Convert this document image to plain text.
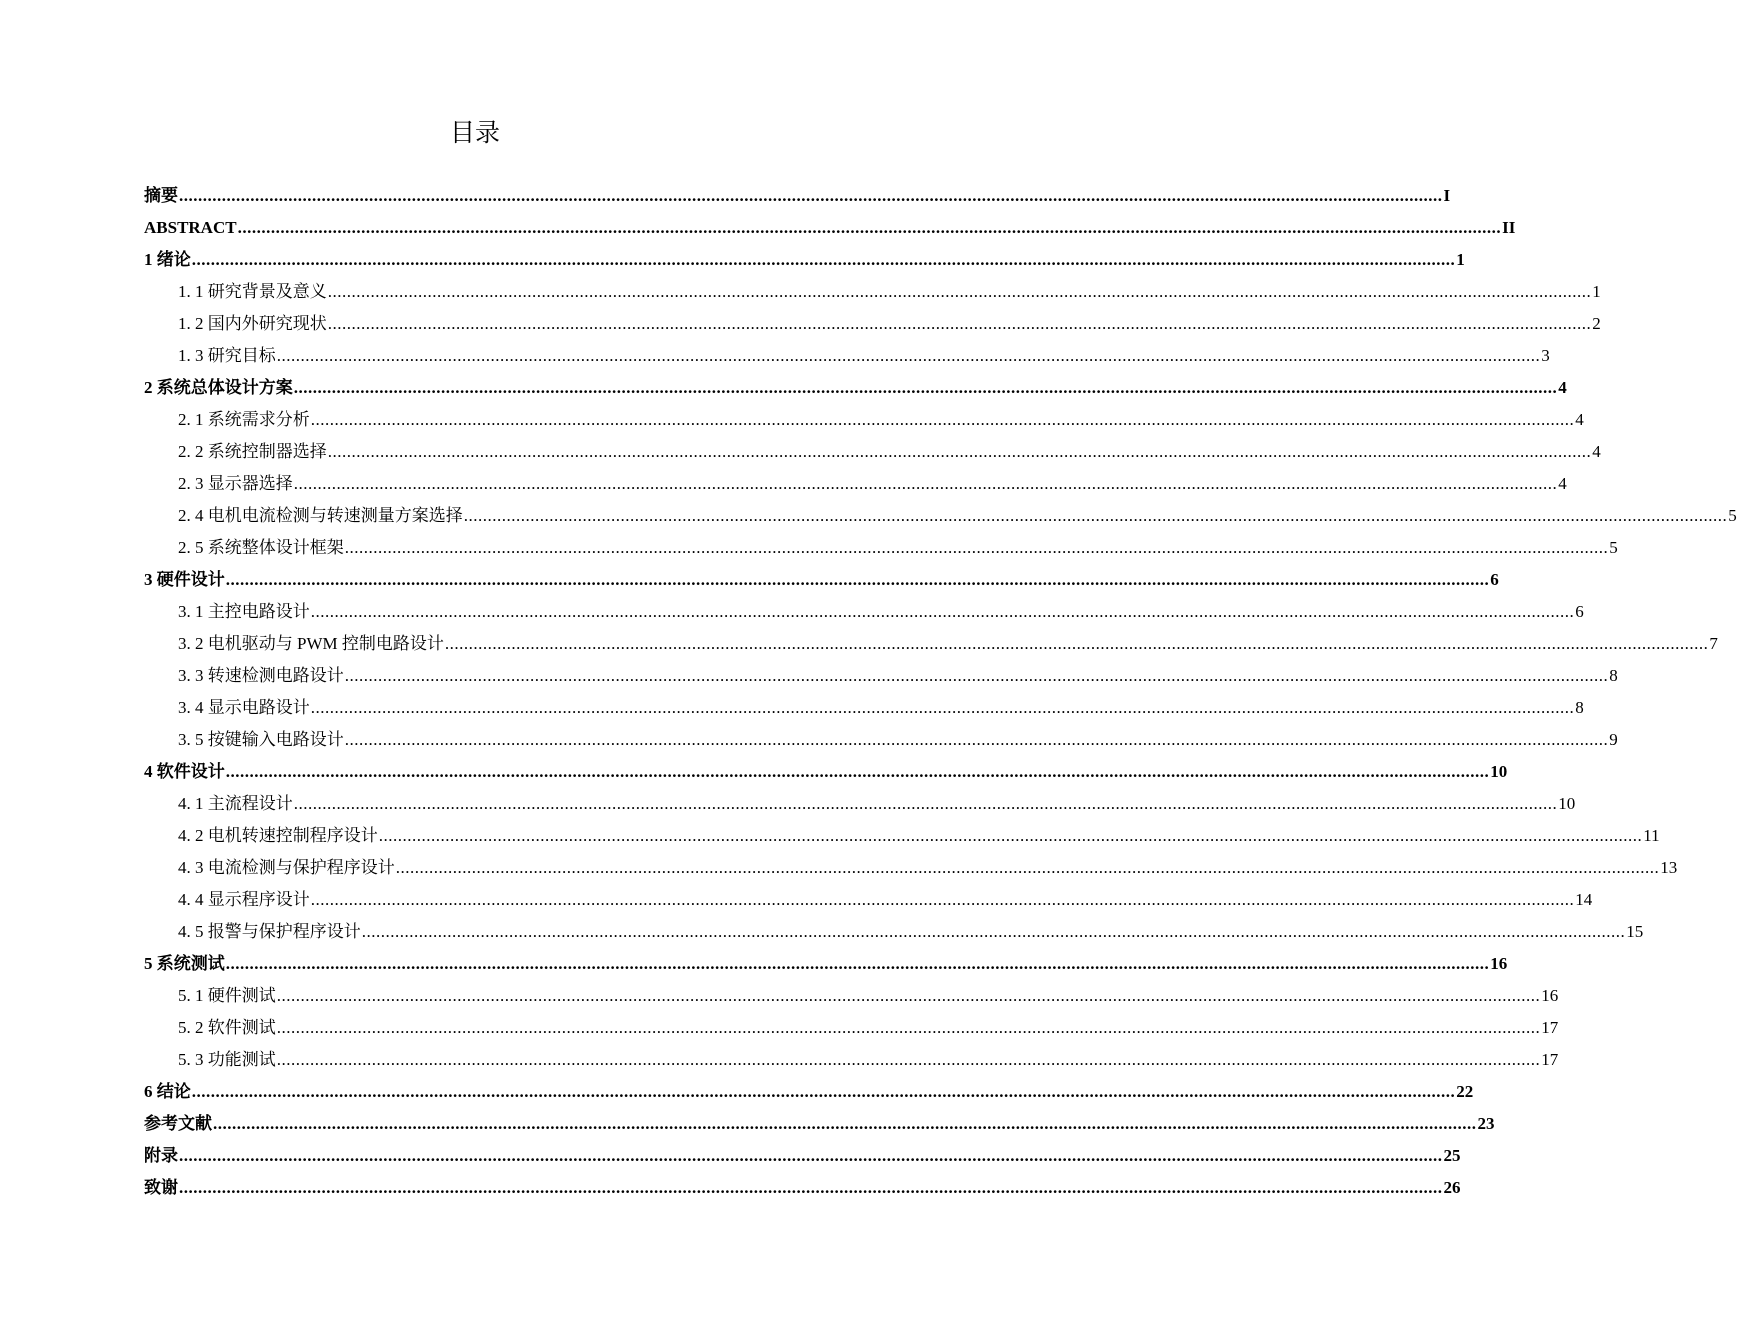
目录
摘要 .......................................................................................................................................................................................................................................................................... I
ABSTRACT .......................................................................................................................................................................................................................................................................... II
1 绪论 .......................................................................................................................................................................................................................................................................... 1
1. 1 研究背景及意义 .......................................................................................................................................................................................................................................................................... 1
1. 2 国内外研究现状 .......................................................................................................................................................................................................................................................................... 2
1. 3 研究目标 .......................................................................................................................................................................................................................................................................... 3
2 系统总体设计方案 .......................................................................................................................................................................................................................................................................... 4
2. 1 系统需求分析 .......................................................................................................................................................................................................................................................................... 4
2. 2 系统控制器选择 .......................................................................................................................................................................................................................................................................... 4
2. 3 显示器选择 .......................................................................................................................................................................................................................................................................... 4
2. 4 电机电流检测与转速测量方案选择 .......................................................................................................................................................................................................................................................................... 5
2. 5 系统整体设计框架 .......................................................................................................................................................................................................................................................................... 5
3 硬件设计 .......................................................................................................................................................................................................................................................................... 6
3. 1 主控电路设计 .......................................................................................................................................................................................................................................................................... 6
3. 2 电机驱动与 PWM 控制电路设计 .......................................................................................................................................................................................................................................................................... 7
3. 3 转速检测电路设计 .......................................................................................................................................................................................................................................................................... 8
3. 4 显示电路设计 .......................................................................................................................................................................................................................................................................... 8
3. 5 按键输入电路设计 .......................................................................................................................................................................................................................................................................... 9
4 软件设计 .......................................................................................................................................................................................................................................................................... 10
4. 1 主流程设计 .......................................................................................................................................................................................................................................................................... 10
4. 2 电机转速控制程序设计 .......................................................................................................................................................................................................................................................................... 11
4. 3 电流检测与保护程序设计 .......................................................................................................................................................................................................................................................................... 13
4. 4 显示程序设计 .......................................................................................................................................................................................................................................................................... 14
4. 5 报警与保护程序设计 .......................................................................................................................................................................................................................................................................... 15
5 系统测试 .......................................................................................................................................................................................................................................................................... 16
5. 1 硬件测试 .......................................................................................................................................................................................................................................................................... 16
5. 2 软件测试 .......................................................................................................................................................................................................................................................................... 17
5. 3 功能测试 .......................................................................................................................................................................................................................................................................... 17
6 结论 .......................................................................................................................................................................................................................................................................... 22
参考文献 .......................................................................................................................................................................................................................................................................... 23
附录 .......................................................................................................................................................................................................................................................................... 25
致谢 .......................................................................................................................................................................................................................................................................... 26
